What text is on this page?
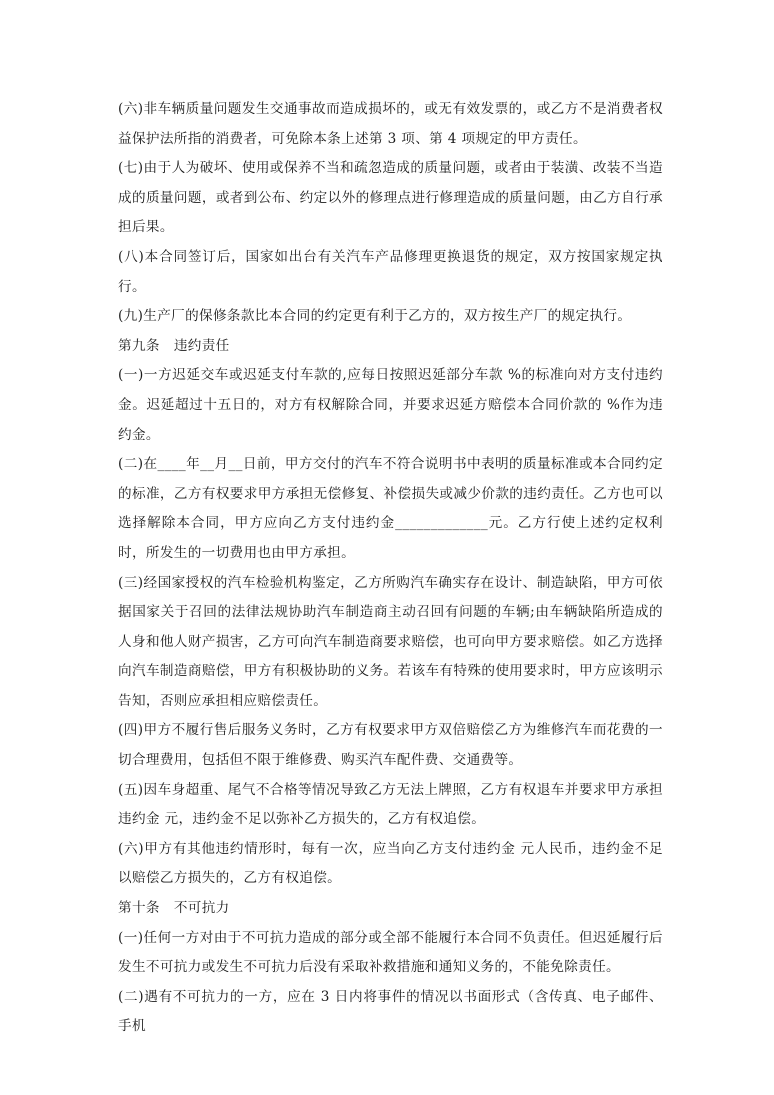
(六)非车辆质量问题发生交通事故而造成损坏的，或无有效发票的，或乙方不是消费者权益保护法所指的消费者，可免除本条上述第 3 项、第 4 项规定的甲方责任。

(七)由于人为破坏、使用或保养不当和疏忽造成的质量问题，或者由于装潢、改装不当造成的质量问题，或者到公布、约定以外的修理点进行修理造成的质量问题，由乙方自行承担后果。

(八)本合同签订后，国家如出台有关汽车产品修理更换退货的规定，双方按国家规定执行。

(九)生产厂的保修条款比本合同的约定更有利于乙方的，双方按生产厂的规定执行。

第九条   违约责任

(一)一方迟延交车或迟延支付车款的,应每日按照迟延部分车款 %的标准向对方支付违约金。迟延超过十五日的，对方有权解除合同，并要求迟延方赔偿本合同价款的 %作为违约金。

(二)在____年__月__日前，甲方交付的汽车不符合说明书中表明的质量标准或本合同约定的标准，乙方有权要求甲方承担无偿修复、补偿损失或减少价款的违约责任。乙方也可以选择解除本合同，甲方应向乙方支付违约金_____________元。乙方行使上述约定权利时，所发生的一切费用也由甲方承担。

(三)经国家授权的汽车检验机构鉴定，乙方所购汽车确实存在设计、制造缺陷，甲方可依据国家关于召回的法律法规协助汽车制造商主动召回有问题的车辆;由车辆缺陷所造成的人身和他人财产损害，乙方可向汽车制造商要求赔偿，也可向甲方要求赔偿。如乙方选择向汽车制造商赔偿，甲方有积极协助的义务。若该车有特殊的使用要求时，甲方应该明示告知，否则应承担相应赔偿责任。

(四)甲方不履行售后服务义务时，乙方有权要求甲方双倍赔偿乙方为维修汽车而花费的一切合理费用，包括但不限于维修费、购买汽车配件费、交通费等。

(五)因车身超重、尾气不合格等情况导致乙方无法上牌照，乙方有权退车并要求甲方承担违约金 元，违约金不足以弥补乙方损失的，乙方有权追偿。

(六)甲方有其他违约情形时，每有一次，应当向乙方支付违约金 元人民币，违约金不足以赔偿乙方损失的，乙方有权追偿。

第十条   不可抗力

(一)任何一方对由于不可抗力造成的部分或全部不能履行本合同不负责任。但迟延履行后发生不可抗力或发生不可抗力后没有采取补救措施和通知义务的，不能免除责任。

(二)遇有不可抗力的一方，应在 3 日内将事件的情况以书面形式（含传真、电子邮件、手机
